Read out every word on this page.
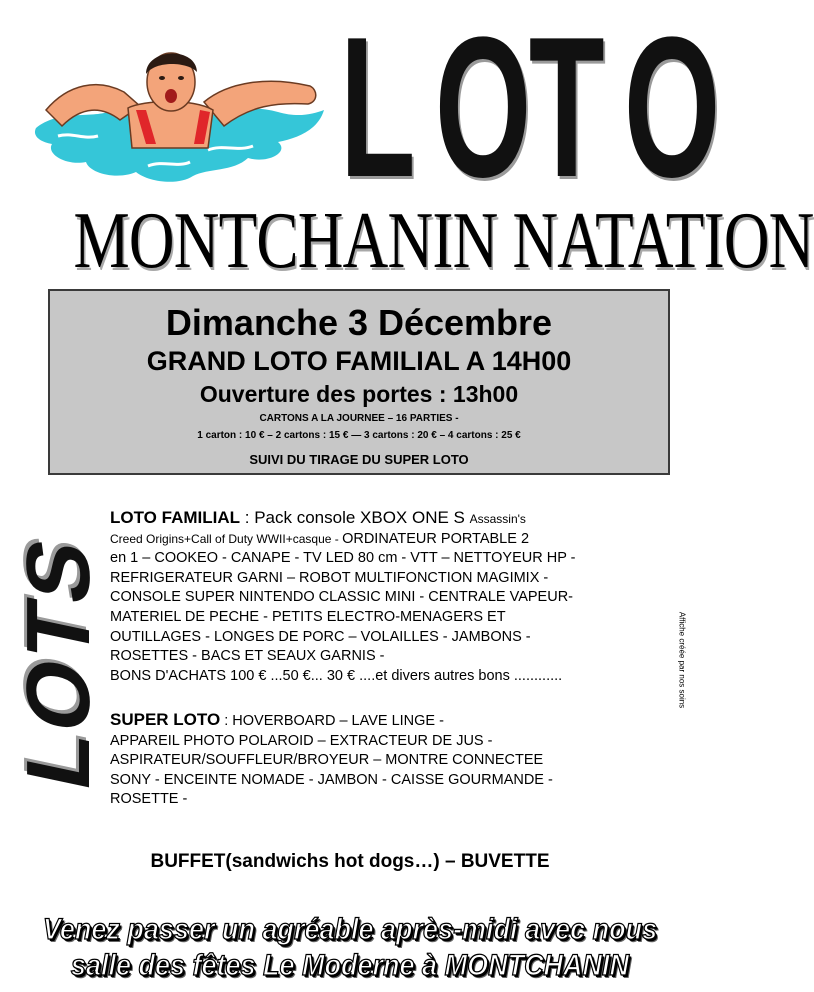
L O
T O
MONTCHANIN NATATION
Dimanche 3 Décembre
GRAND LOTO FAMILIAL A 14H00
Ouverture des portes : 13h00
CARTONS A LA JOURNEE – 16 PARTIES -
1 carton : 10 € – 2 cartons : 15 € — 3 cartons : 20 € – 4 cartons : 25 €
SUIVI DU TIRAGE DU SUPER LOTO
LOTS	Affiche créée par nos soins
LOTO FAMILIAL : Pack console XBOX ONE S Assassin's
Creed Origins+Call of Duty WWII+casque - ORDINATEUR PORTABLE 2
en 1 – COOKEO - CANAPE - TV LED 80 cm - VTT – NETTOYEUR HP -
REFRIGERATEUR GARNI – ROBOT MULTIFONCTION MAGIMIX -
CONSOLE SUPER NINTENDO CLASSIC MINI - CENTRALE VAPEUR-
MATERIEL DE PECHE - PETITS ELECTRO-MENAGERS ET
OUTILLAGES - LONGES DE PORC – VOLAILLES - JAMBONS -
ROSETTES - BACS ET SEAUX GARNIS -
BONS D'ACHATS 100 € ...50 €... 30 € ....et divers autres bons ............
SUPER LOTO : HOVERBOARD – LAVE LINGE -
APPAREIL PHOTO POLAROID – EXTRACTEUR DE JUS -
ASPIRATEUR/SOUFFLEUR/BROYEUR – MONTRE CONNECTEE
SONY - ENCEINTE NOMADE - JAMBON - CAISSE GOURMANDE -
ROSETTE -
BUFFET(sandwichs hot dogs…) – BUVETTE
Venez passer un agréable après-midi avec nous
salle des fêtes Le Moderne à MONTCHANIN
